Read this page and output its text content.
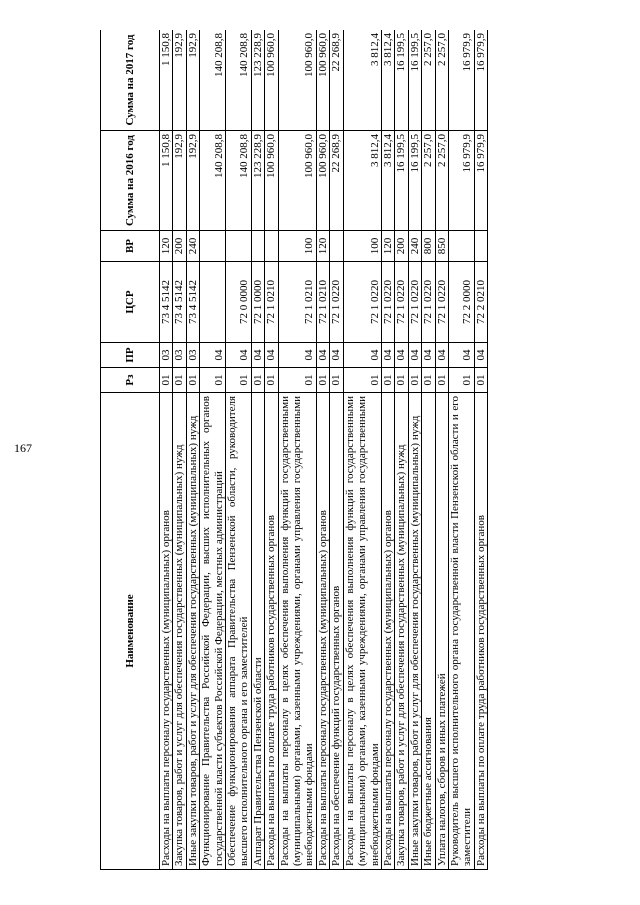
167
Наименование	Рз	ПР	ЦСР	ВР	Сумма на 2016 год	Сумма на 2017 год
Расходы на выплаты персоналу государственных (муниципальных) органов	01	03	73 4 5142	120	1 150,8	1 150,8
Закупка товаров, работ и услуг для обеспечения государственных (муниципальных) нужд	01	03	73 4 5142	200	192,9	192,9
Иные закупки товаров, работ и услуг для обеспечения государственных (муниципальных) нужд	01	03	73 4 5142	240	192,9	192,9
Функционирование Правительства Российской Федерации, высших исполнительных органов государственной власти субъектов Российской Федерации, местных администраций	01	04			140 208,8	140 208,8
Обеспечение функционирования аппарата Правительства Пензенской области, руководителя высшего исполнительного органа и его заместителей	01	04	72 0 0000		140 208,8	140 208,8
Аппарат Правительства Пензенской области	01	04	72 1 0000		123 228,9	123 228,9
Расходы на выплаты по оплате труда работников государственных органов	01	04	72 1 0210		100 960,0	100 960,0
Расходы на выплаты персоналу в целях обеспечения выполнения функций государственными (муниципальными) органами, казенными учреждениями, органами управления государственными внебюджетными фондами	01	04	72 1 0210	100	100 960,0	100 960,0
Расходы на выплаты персоналу государственных (муниципальных) органов	01	04	72 1 0210	120	100 960,0	100 960,0
Расходы на обеспечение функций государственных органов	01	04	72 1 0220		22 268,9	22 268,9
Расходы на выплаты персоналу в целях обеспечения выполнения функций государственными (муниципальными) органами, казенными учреждениями, органами управления государственными внебюджетными фондами	01	04	72 1 0220	100	3 812,4	3 812,4
Расходы на выплаты персоналу государственных (муниципальных) органов	01	04	72 1 0220	120	3 812,4	3 812,4
Закупка товаров, работ и услуг для обеспечения государственных (муниципальных) нужд	01	04	72 1 0220	200	16 199,5	16 199,5
Иные закупки товаров, работ и услуг для обеспечения государственных (муниципальных) нужд	01	04	72 1 0220	240	16 199,5	16 199,5
Иные бюджетные ассигнования	01	04	72 1 0220	800	2 257,0	2 257,0
Уплата налогов, сборов и иных платежей	01	04	72 1 0220	850	2 257,0	2 257,0
Руководитель высшего исполнительного органа государственной власти Пензенской области и его заместители	01	04	72 2 0000		16 979,9	16 979,9
Расходы на выплаты по оплате труда работников государственных органов	01	04	72 2 0210		16 979,9	16 979,9
